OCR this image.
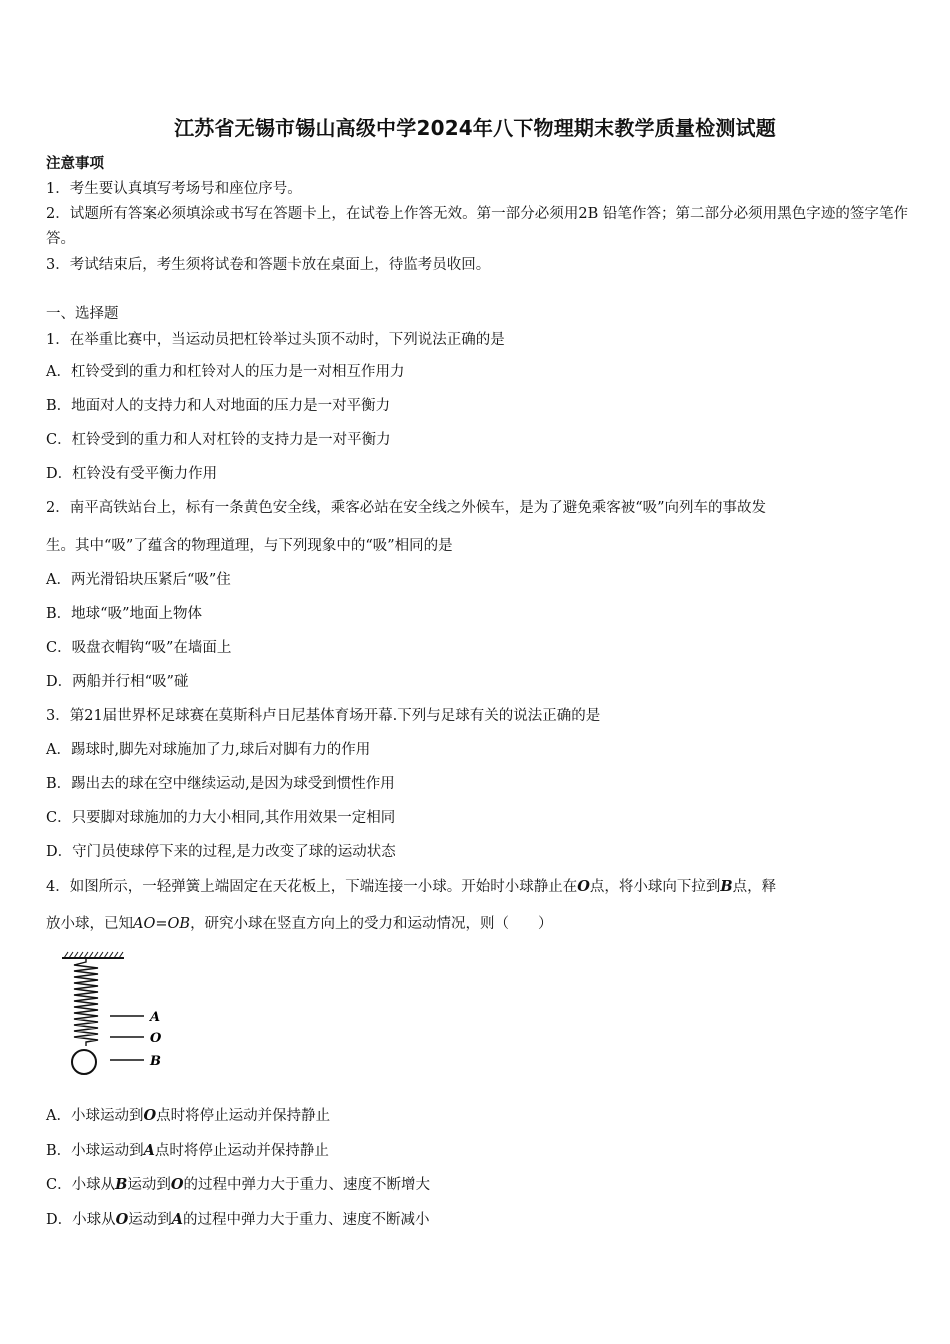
江苏省无锡市锡山高级中学2024年八下物理期末教学质量检测试题
注意事项
1．考生要认真填写考场号和座位序号。
2．试题所有答案必须填涂或书写在答题卡上，在试卷上作答无效。第一部分必须用2B 铅笔作答；第二部分必须用黑色字迹的签字笔作答。
3．考试结束后，考生须将试卷和答题卡放在桌面上，待监考员收回。
一、选择题
1．在举重比赛中，当运动员把杠铃举过头顶不动时，下列说法正确的是
A．杠铃受到的重力和杠铃对人的压力是一对相互作用力
B．地面对人的支持力和人对地面的压力是一对平衡力
C．杠铃受到的重力和人对杠铃的支持力是一对平衡力
D．杠铃没有受平衡力作用
2．南平高铁站台上，标有一条黄色安全线，乘客必站在安全线之外候车，是为了避免乘客被“吸”向列车的事故发
生。其中“吸”了蕴含的物理道理，与下列现象中的“吸”相同的是
A．两光滑铅块压紧后“吸”住
B．地球“吸”地面上物体
C．吸盘衣帽钩“吸”在墙面上
D．两船并行相“吸”碰
3．第21届世界杯足球赛在莫斯科卢日尼基体育场开幕.下列与足球有关的说法正确的是
A．踢球时,脚先对球施加了力,球后对脚有力的作用
B．踢出去的球在空中继续运动,是因为球受到惯性作用
C．只要脚对球施加的力大小相同,其作用效果一定相同
D．守门员使球停下来的过程,是力改变了球的运动状态
4．如图所示，一轻弹簧上端固定在天花板上，下端连接一小球。开始时小球静止在O点，将小球向下拉到B点，释
放小球，已知AO=OB，研究小球在竖直方向上的受力和运动情况，则（　　）
A
O
B
A．小球运动到O点时将停止运动并保持静止
B．小球运动到A点时将停止运动并保持静止
C．小球从B运动到O的过程中弹力大于重力、速度不断增大
D．小球从O运动到A的过程中弹力大于重力、速度不断减小
